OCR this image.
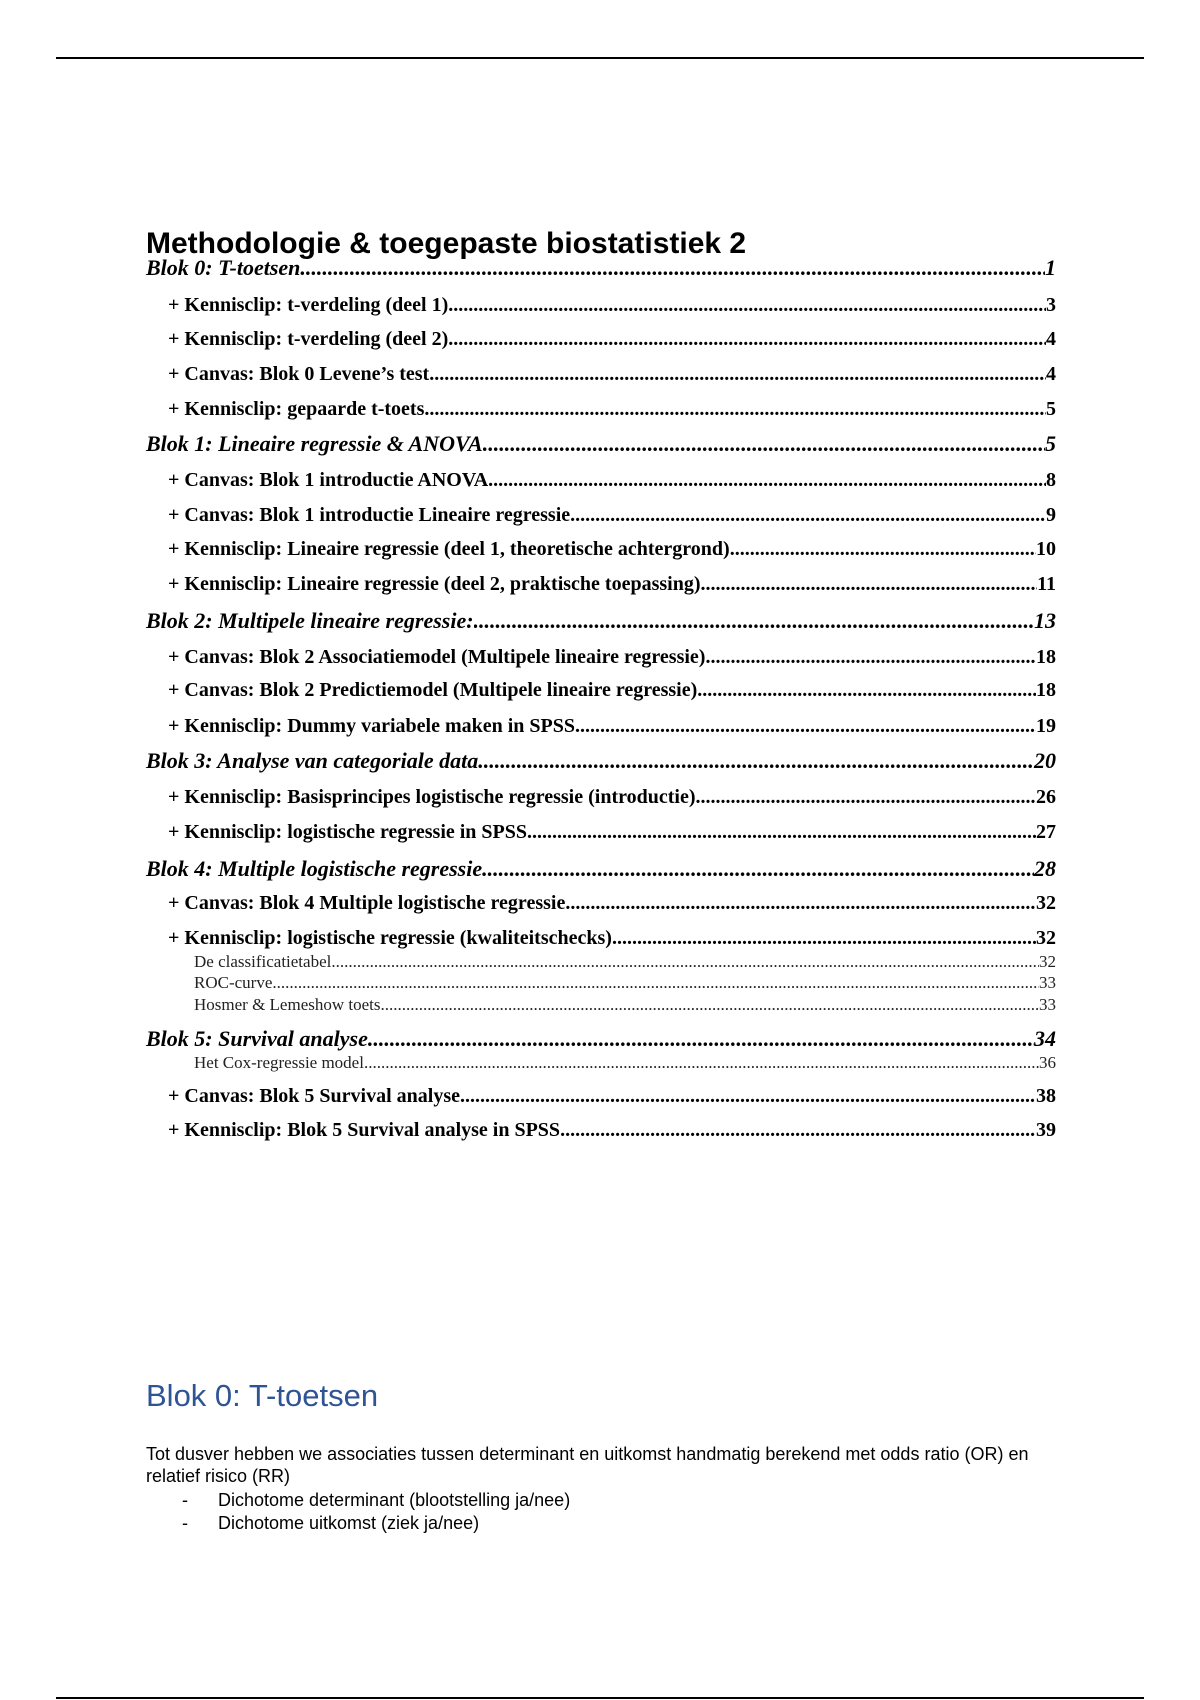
Methodologie & toegepaste biostatistiek 2
Blok 0: T-toetsen .....	1
+ Kennisclip: t-verdeling (deel 1) .....	3
+ Kennisclip: t-verdeling (deel 2) .....	4
+ Canvas: Blok 0 Levene’s test .....	4
+ Kennisclip: gepaarde t-toets .....	5
Blok 1: Lineaire regressie & ANOVA .....	5
+ Canvas: Blok 1 introductie ANOVA .....	8
+ Canvas: Blok 1 introductie Lineaire regressie .....	9
+ Kennisclip: Lineaire regressie (deel 1, theoretische achtergrond) .....	10
+ Kennisclip: Lineaire regressie (deel 2, praktische toepassing) .....	11
Blok 2: Multipele lineaire regressie: .....	13
+ Canvas: Blok 2 Associatiemodel (Multipele lineaire regressie) .....	18
+ Canvas: Blok 2 Predictiemodel (Multipele lineaire regressie) .....	18
+ Kennisclip: Dummy variabele maken in SPSS .....	19
Blok 3: Analyse van categoriale data .....	20
+ Kennisclip: Basisprincipes logistische regressie (introductie) .....	26
+ Kennisclip: logistische regressie in SPSS .....	27
Blok 4: Multiple logistische regressie .....	28
+ Canvas: Blok 4 Multiple logistische regressie .....	32
+ Kennisclip: logistische regressie (kwaliteitschecks) .....	32
De classificatietabel .....	32
ROC-curve .....	33
Hosmer & Lemeshow toets .....	33
Blok 5: Survival analyse .....	34
Het Cox-regressie model .....	36
+ Canvas: Blok 5 Survival analyse .....	38
+ Kennisclip: Blok 5 Survival analyse in SPSS .....	39
Blok 0: T-toetsen

Tot dusver hebben we associaties tussen determinant en uitkomst handmatig berekend met odds ratio (OR) en relatief risico (RR)

- Dichotome determinant (blootstelling ja/nee)
- Dichotome uitkomst (ziek ja/nee)
